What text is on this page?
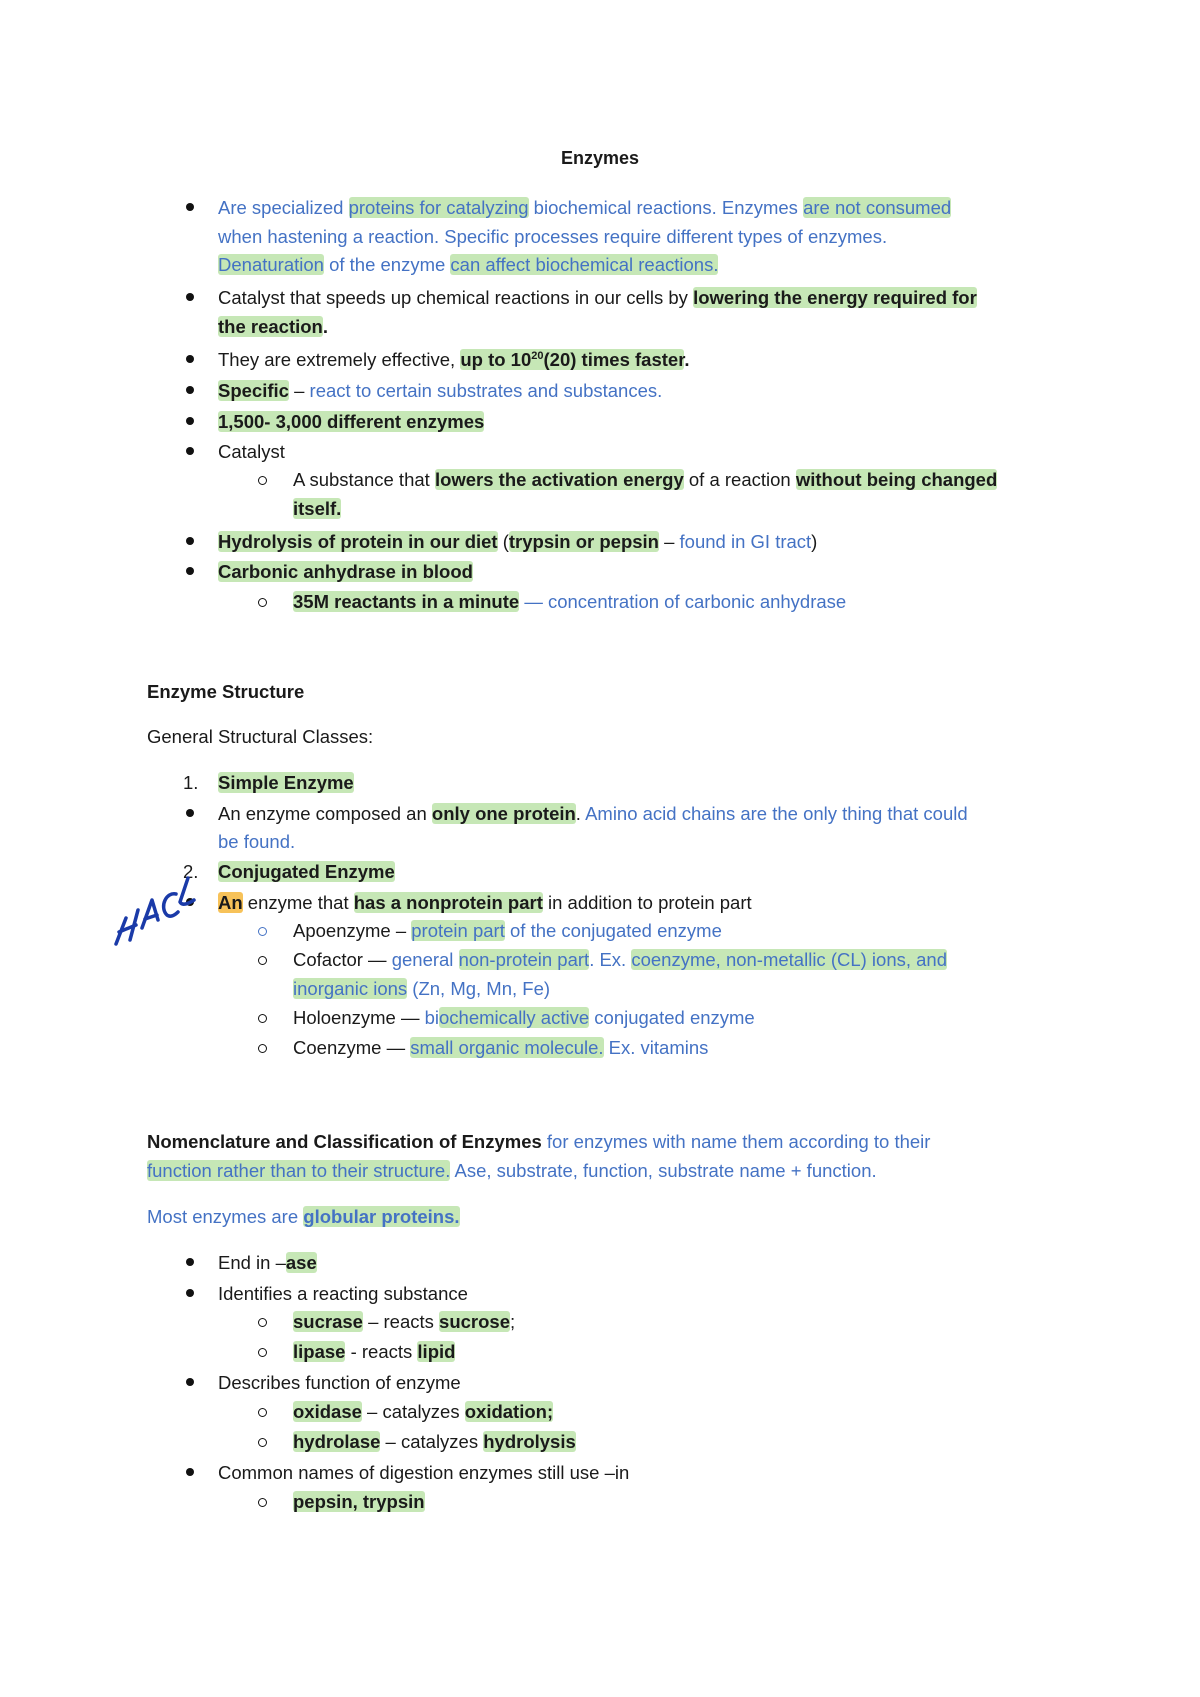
Enzymes
Are specialized proteins for catalyzing biochemical reactions. Enzymes are not consumed
when hastening a reaction. Specific processes require different types of enzymes.
Denaturation of the enzyme can affect biochemical reactions.
Catalyst that speeds up chemical reactions in our cells by lowering the energy required for
the reaction.
They are extremely effective, up to $10^{20}(20)$ times faster.
Specific – react to certain substrates and substances.
1,500- 3,000 different enzymes
Catalyst
A substance that lowers the activation energy of a reaction without being changed
itself.
Hydrolysis of protein in our diet (trypsin or pepsin – found in GI tract)
Carbonic anhydrase in blood
35M reactants in a minute — concentration of carbonic anhydrase
Enzyme Structure
General Structural Classes:
1. Simple Enzyme
An enzyme composed an only one protein. Amino acid chains are the only thing that could
be found.
2. Conjugated Enzyme
An enzyme that has a nonprotein part in addition to protein part
Apoenzyme – protein part of the conjugated enzyme
Cofactor — general non-protein part. Ex. coenzyme, non-metallic (CL) ions, and
inorganic ions (Zn, Mg, Mn, Fe)
Holoenzyme — biochemically active conjugated enzyme
Coenzyme — small organic molecule. Ex. vitamins
Nomenclature and Classification of Enzymes for enzymes with name them according to their
function rather than to their structure. Ase, substrate, function, substrate name + function.
Most enzymes are globular proteins.
End in –ase
Identifies a reacting substance
sucrase – reacts sucrose;
lipase - reacts lipid
Describes function of enzyme
oxidase – catalyzes oxidation;
hydrolase – catalyzes hydrolysis
Common names of digestion enzymes still use –in
pepsin, trypsin
